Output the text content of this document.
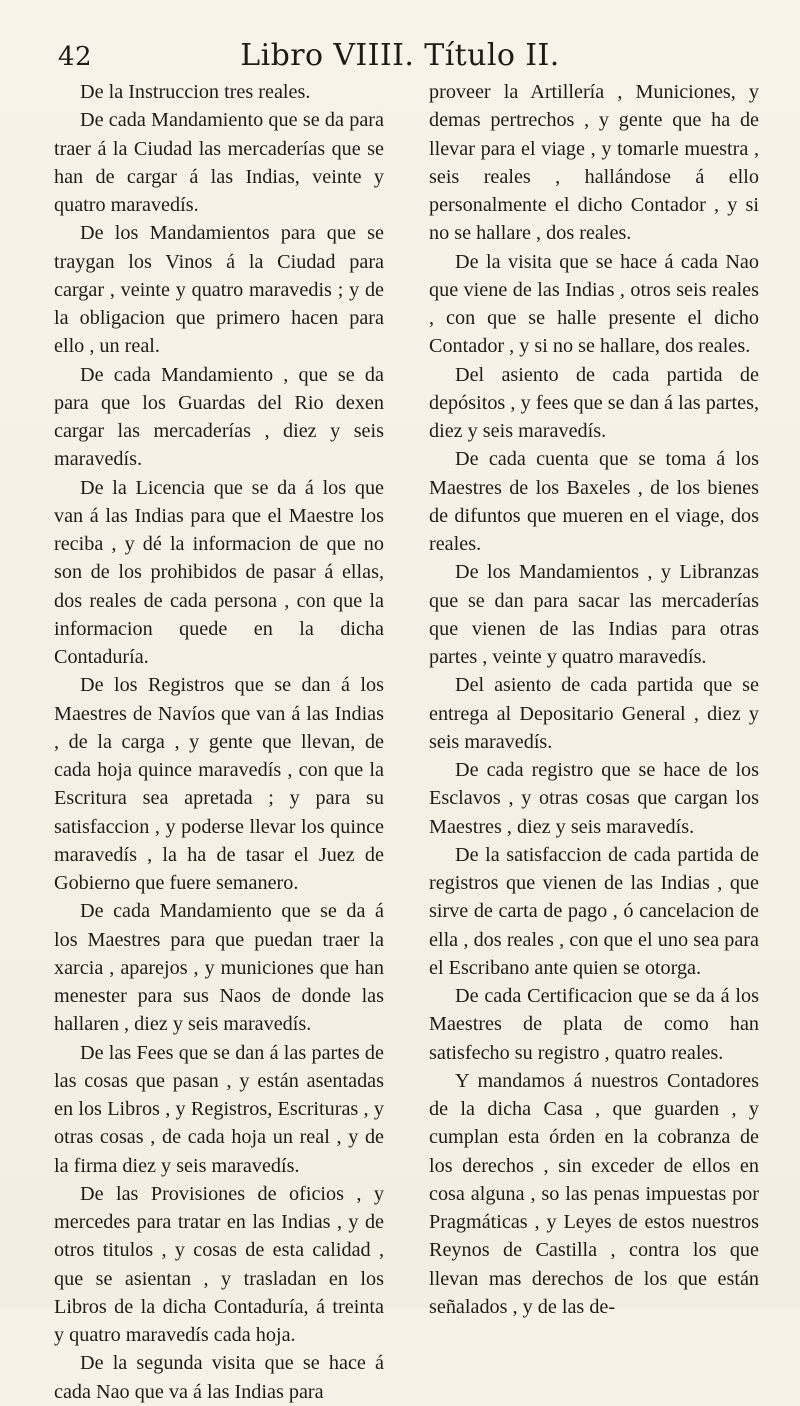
42	Libro VIIII. Título II.

De la Instruccion tres reales.

De cada Mandamiento que se da para traer á la Ciudad las mercaderías que se han de cargar á las Indias, veinte y quatro maravedís.

De los Mandamientos para que se traygan los Vinos á la Ciudad para cargar , veinte y quatro maravedis ; y de la obligacion que primero hacen para ello , un real.

De cada Mandamiento , que se da para que los Guardas del Rio dexen cargar las mercaderías , diez y seis maravedís.

De la Licencia que se da á los que van á las Indias para que el Maestre los reciba , y dé la informacion de que no son de los prohibidos de pasar á ellas, dos reales de cada persona , con que la informacion quede en la dicha Contaduría.

De los Registros que se dan á los Maestres de Navíos que van á las Indias , de la carga , y gente que llevan, de cada hoja quince maravedís , con que la Escritura sea apretada ; y para su satisfaccion , y poderse llevar los quince maravedís , la ha de tasar el Juez de Gobierno que fuere semanero.

De cada Mandamiento que se da á los Maestres para que puedan traer la xarcia , aparejos , y municiones que han menester para sus Naos de donde las hallaren , diez y seis maravedís.

De las Fees que se dan á las partes de las cosas que pasan , y están asentadas en los Libros , y Registros, Escrituras , y otras cosas , de cada hoja un real , y de la firma diez y seis maravedís.

De las Provisiones de oficios , y mercedes para tratar en las Indias , y de otros titulos , y cosas de esta calidad , que se asientan , y trasladan en los Libros de la dicha Contaduría, á treinta y quatro maravedís cada hoja.

De la segunda visita que se hace á cada Nao que va á las Indias para

proveer la Artillería , Municiones, y demas pertrechos , y gente que ha de llevar para el viage , y tomarle muestra , seis reales , hallándose á ello personalmente el dicho Contador , y si no se hallare , dos reales.

De la visita que se hace á cada Nao que viene de las Indias , otros seis reales , con que se halle presente el dicho Contador , y si no se hallare, dos reales.

Del asiento de cada partida de depósitos , y fees que se dan á las partes, diez y seis maravedís.

De cada cuenta que se toma á los Maestres de los Baxeles , de los bienes de difuntos que mueren en el viage, dos reales.

De los Mandamientos , y Libranzas que se dan para sacar las mercaderías que vienen de las Indias para otras partes , veinte y quatro maravedís.

Del asiento de cada partida que se entrega al Depositario General , diez y seis maravedís.

De cada registro que se hace de los Esclavos , y otras cosas que cargan los Maestres , diez y seis maravedís.

De la satisfaccion de cada partida de registros que vienen de las Indias , que sirve de carta de pago , ó cancelacion de ella , dos reales , con que el uno sea para el Escribano ante quien se otorga.

De cada Certificacion que se da á los Maestres de plata de como han satisfecho su registro , quatro reales.

Y mandamos á nuestros Contadores de la dicha Casa , que guarden , y cumplan esta órden en la cobranza de los derechos , sin exceder de ellos en cosa alguna , so las penas impuestas por Pragmáticas , y Leyes de estos nuestros Reynos de Castilla , contra los que llevan mas derechos de los que están señalados , y de las de-
